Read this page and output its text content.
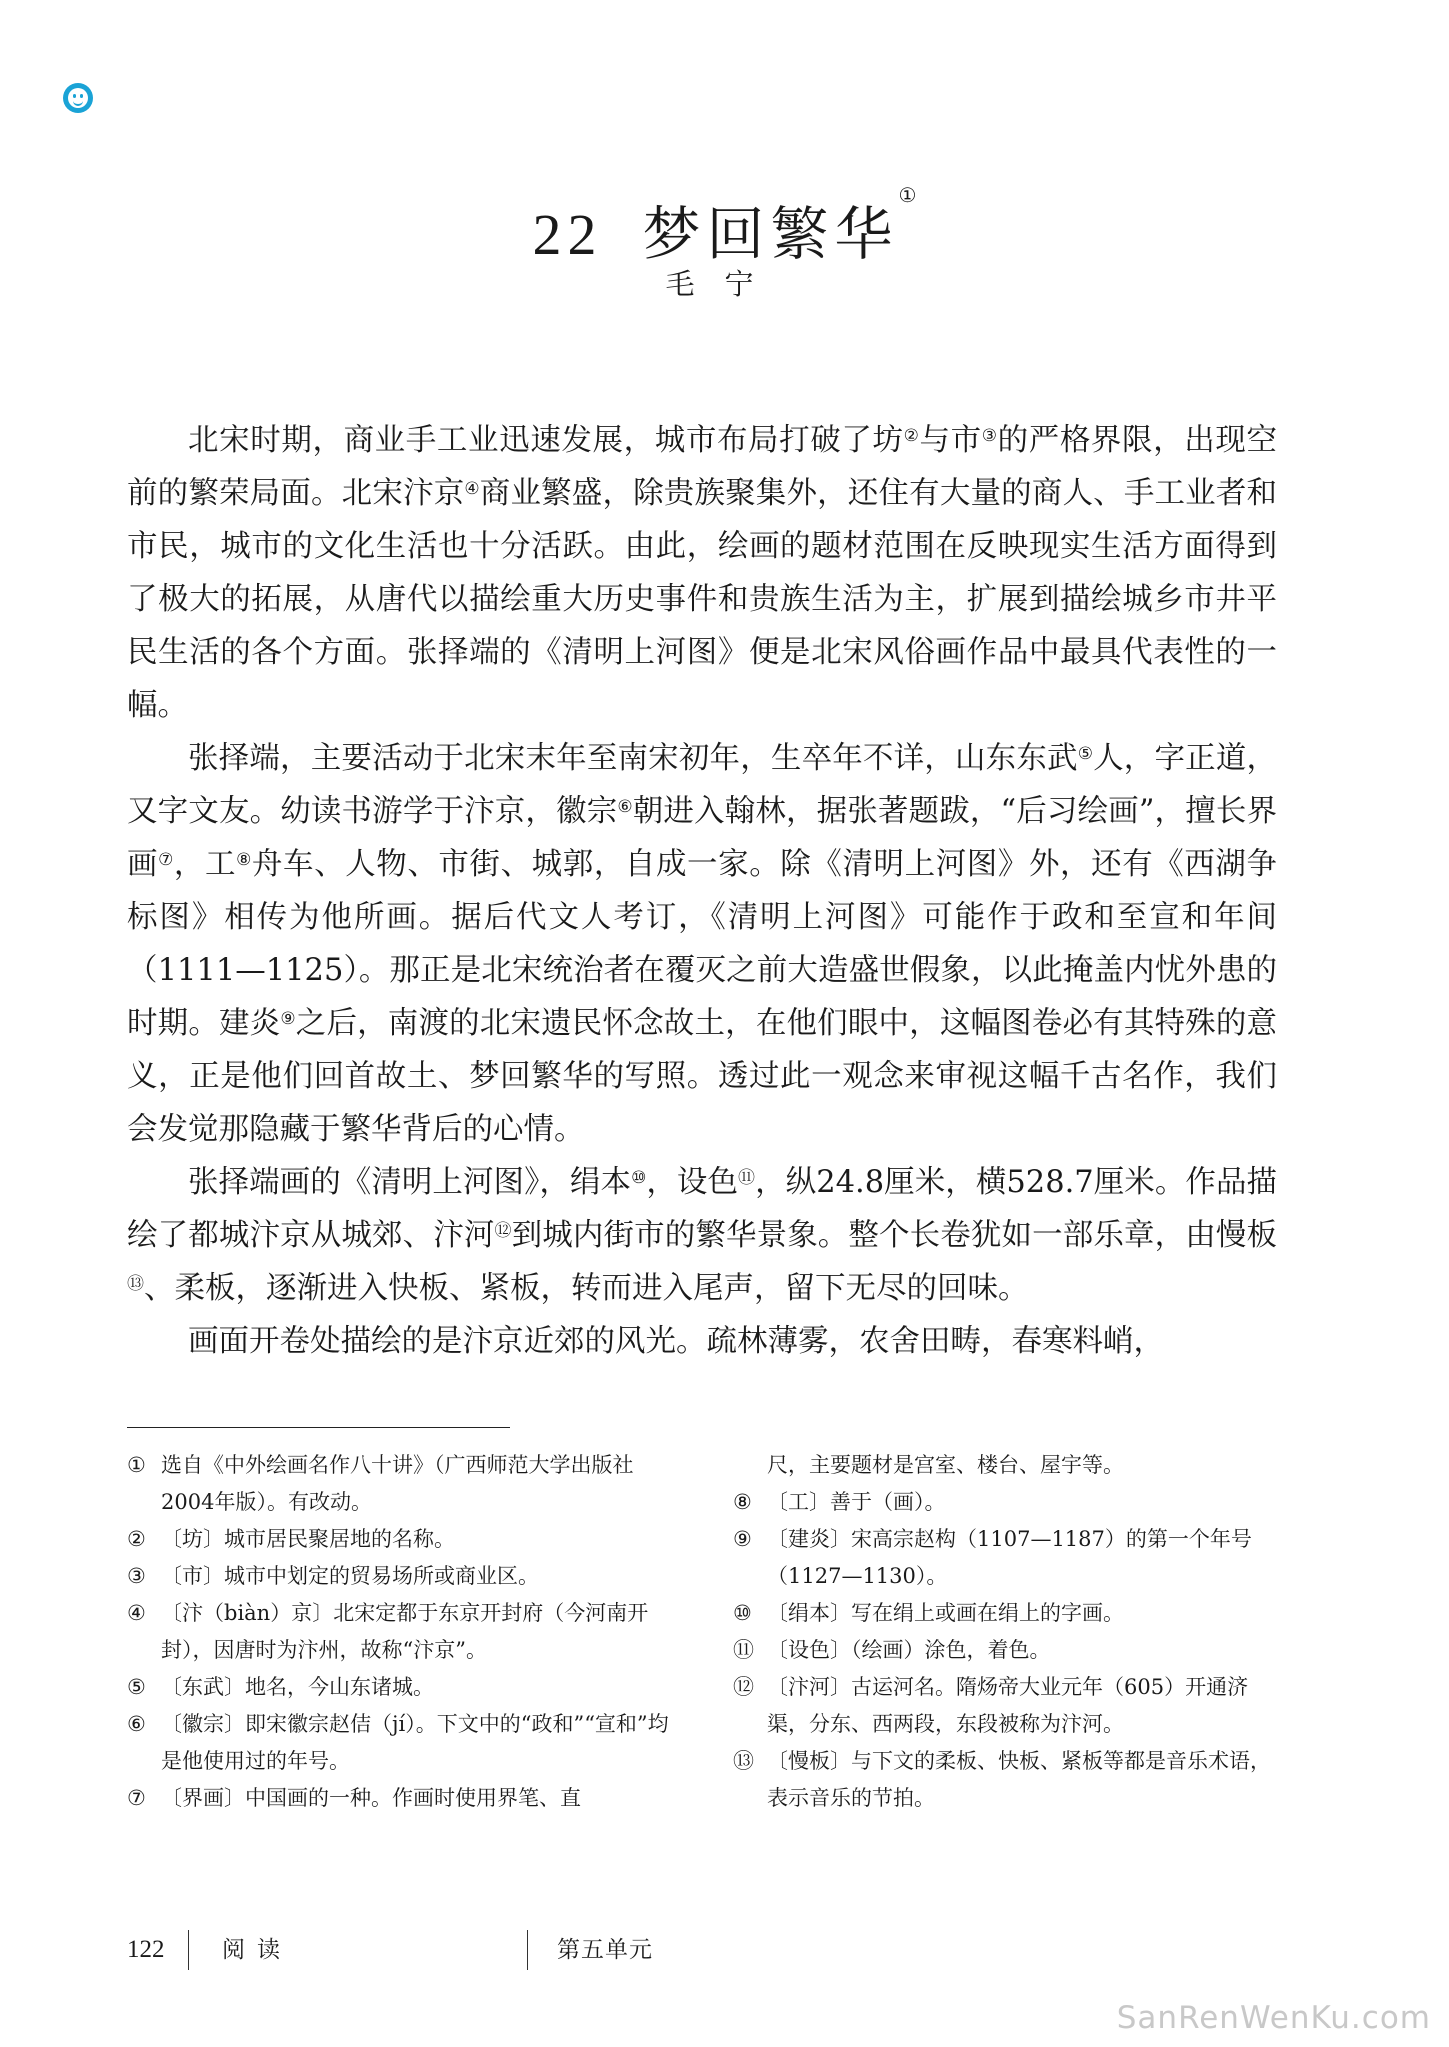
22 梦回繁华①
毛宁

北宋时期，商业手工业迅速发展，城市布局打破了坊②与市③的严格界限，出现空前的繁荣局面。北宋汴京④商业繁盛，除贵族聚集外，还住有大量的商人、手工业者和市民，城市的文化生活也十分活跃。由此，绘画的题材范围在反映现实生活方面得到了极大的拓展，从唐代以描绘重大历史事件和贵族生活为主，扩展到描绘城乡市井平民生活的各个方面。张择端的《清明上河图》便是北宋风俗画作品中最具代表性的一幅。

张择端，主要活动于北宋末年至南宋初年，生卒年不详，山东东武⑤人，字正道，又字文友。幼读书游学于汴京，徽宗⑥朝进入翰林，据张著题跋，“后习绘画”，擅长界画⑦，工⑧舟车、人物、市街、城郭，自成一家。除《清明上河图》外，还有《西湖争标图》相传为他所画。据后代文人考订，《清明上河图》可能作于政和至宣和年间（1111—1125）。那正是北宋统治者在覆灭之前大造盛世假象，以此掩盖内忧外患的时期。建炎⑨之后，南渡的北宋遗民怀念故土，在他们眼中，这幅图卷必有其特殊的意义，正是他们回首故土、梦回繁华的写照。透过此一观念来审视这幅千古名作，我们会发觉那隐藏于繁华背后的心情。

张择端画的《清明上河图》，绢本⑩，设色⑪，纵24.8厘米，横528.7厘米。作品描绘了都城汴京从城郊、汴河⑫到城内街市的繁华景象。整个长卷犹如一部乐章，由慢板⑬、柔板，逐渐进入快板、紧板，转而进入尾声，留下无尽的回味。

画面开卷处描绘的是汴京近郊的风光。疏林薄雾，农舍田畴，春寒料峭，

① 选自《中外绘画名作八十讲》（广西师范大学出版社2004年版）。有改动。

② 〔坊〕城市居民聚居地的名称。

③ 〔市〕城市中划定的贸易场所或商业区。

④ 〔汴（biàn）京〕北宋定都于东京开封府（今河南开封），因唐时为汴州，故称“汴京”。

⑤ 〔东武〕地名，今山东诸城。

⑥ 〔徽宗〕即宋徽宗赵佶（jí）。下文中的“政和”“宣和”均是他使用过的年号。

⑦ 〔界画〕中国画的一种。作画时使用界笔、直

尺，主要题材是宫室、楼台、屋宇等。

⑧ 〔工〕善于（画）。

⑨ 〔建炎〕宋高宗赵构（1107—1187）的第一个年号（1127—1130）。

⑩ 〔绢本〕写在绢上或画在绢上的字画。

⑪ 〔设色〕（绘画）涂色，着色。

⑫ 〔汴河〕古运河名。隋炀帝大业元年（605）开通济渠，分东、西两段，东段被称为汴河。

⑬ 〔慢板〕与下文的柔板、快板、紧板等都是音乐术语，表示音乐的节拍。

122	阅读	第五单元
SanRenWenKu.com
